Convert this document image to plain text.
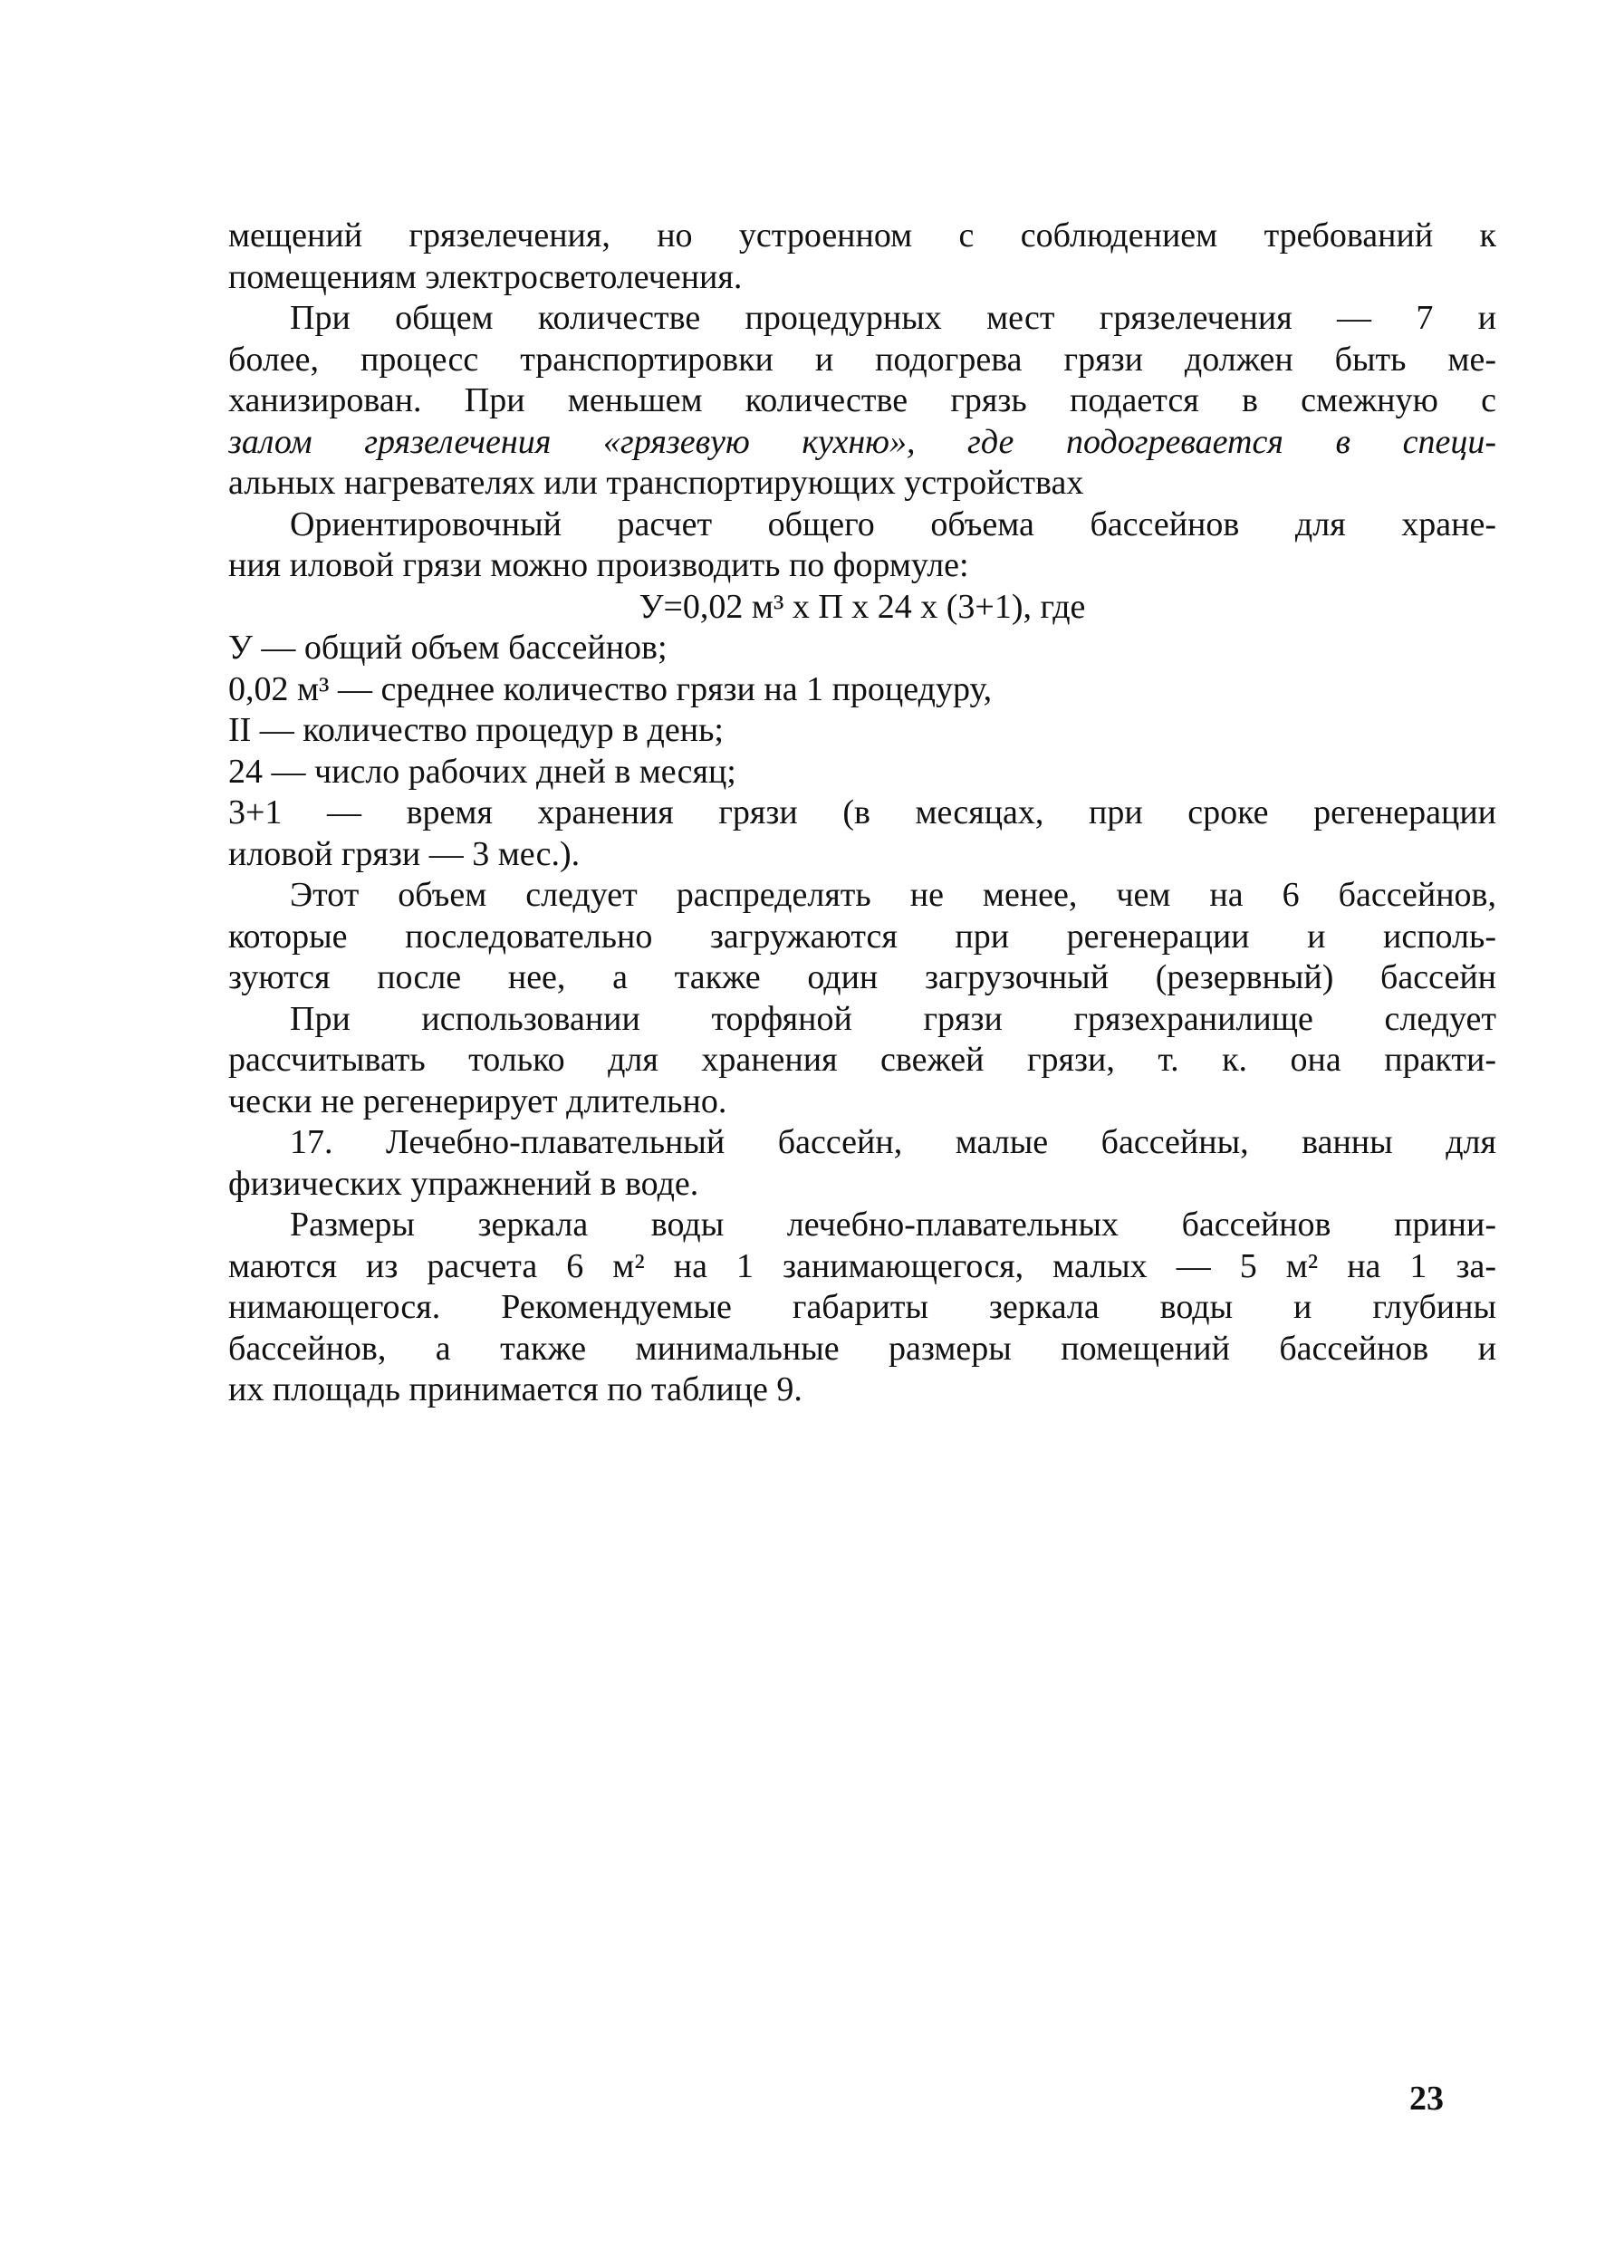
мещений грязелечения, но устроенном с соблюдением требований к
помещениям электросветолечения.
При общем количестве процедурных мест грязелечения — 7 и
более, процесс транспортировки и подогрева грязи должен быть ме-
ханизирован. При меньшем количестве грязь подается в смежную с
залом грязелечения «грязевую кухню», где подогревается в специ-
альных нагревателях или транспортирующих устройствах
Ориентировочный расчет общего объема бассейнов для хране-
ния иловой грязи можно производить по формуле:
У=0,02 м³ x П x 24 x (3+1), где
У — общий объем бассейнов;
0,02 м³ — среднее количество грязи на 1 процедуру,
II — количество процедур в день;
24 — число рабочих дней в месяц;
3+1 — время хранения грязи (в месяцах, при сроке регенерации
иловой грязи — 3 мес.).
Этот объем следует распределять не менее, чем на 6 бассейнов,
которые последовательно загружаются при регенерации и исполь-
зуются после нее, а также один загрузочный (резервный) бассейн
При использовании торфяной грязи грязехранилище следует
рассчитывать только для хранения свежей грязи, т. к. она практи-
чески не регенерирует длительно.
17. Лечебно-плавательный бассейн, малые бассейны, ванны для
физических упражнений в воде.
Размеры зеркала воды лечебно-плавательных бассейнов прини-
маются из расчета 6 м² на 1 занимающегося, малых — 5 м² на 1 за-
нимающегося. Рекомендуемые габариты зеркала воды и глубины
бассейнов, а также минимальные размеры помещений бассейнов и
их площадь принимается по таблице 9.
23
